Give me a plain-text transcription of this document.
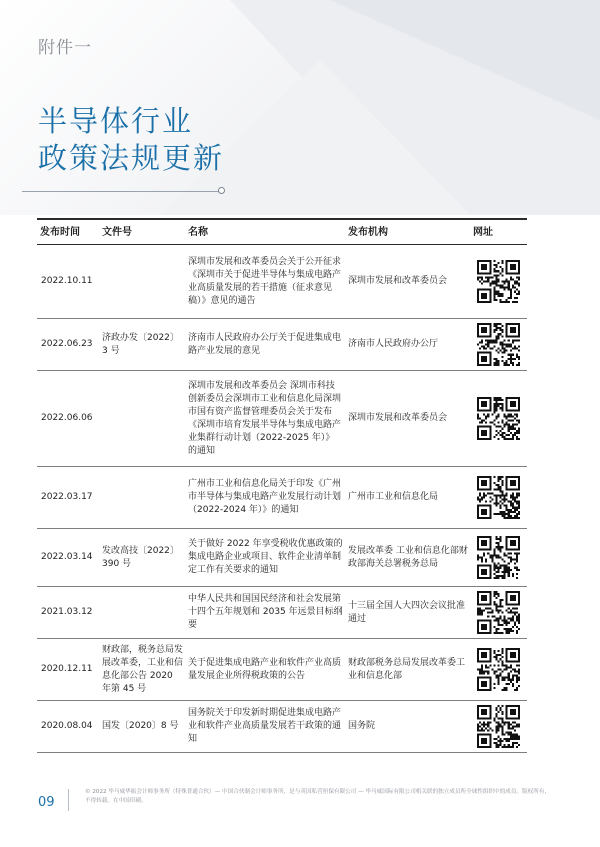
附件一
半导体行业
政策法规更新
发布时间	文件号	名称	发布机构	网址
2022.10.11		深圳市发展和改革委员会关于公开征求《深圳市关于促进半导体与集成电路产业高质量发展的若干措施（征求意见稿）》意见的通告	深圳市发展和改革委员会	

2022.06.23	济政办发〔2022〕3 号	济南市人民政府办公厅关于促进集成电路产业发展的意见	济南市人民政府办公厅	

2022.06.06		深圳市发展和改革委员会 深圳市科技创新委员会深圳市工业和信息化局深圳市国有资产监督管理委员会关于发布《深圳市培育发展半导体与集成电路产业集群行动计划（2022-2025 年）》的通知	深圳市发展和改革委员会	

2022.03.17		广州市工业和信息化局关于印发《广州市半导体与集成电路产业发展行动计划（2022-2024 年）》的通知	广州市工业和信息化局	

2022.03.14	发改高技〔2022〕390 号	关于做好 2022 年享受税收优惠政策的集成电路企业或项目、软件企业清单制定工作有关要求的通知	发展改革委 工业和信息化部财政部海关总署税务总局	

2021.03.12		中华人民共和国国民经济和社会发展第十四个五年规划和 2035 年远景目标纲要	十三届全国人大四次会议批准通过	

2020.12.11	财政部，税务总局发展改革委，工业和信息化部公告 2020 年第 45 号	关于促进集成电路产业和软件产业高质量发展企业所得税政策的公告	财政部税务总局发展改革委工业和信息化部	

2020.08.04	国发〔2020〕8 号	国务院关于印发新时期促进集成电路产业和软件产业高质量发展若干政策的通知	国务院	
09
© 2022 毕马威华振会计师事务所（特殊普通合伙）— 中国合伙制会计师事务所，是与英国私营担保有限公司 — 毕马威国际有限公司相关联的独立成员所全球性组织中的成员。版权所有，不得转载。在中国印刷。
